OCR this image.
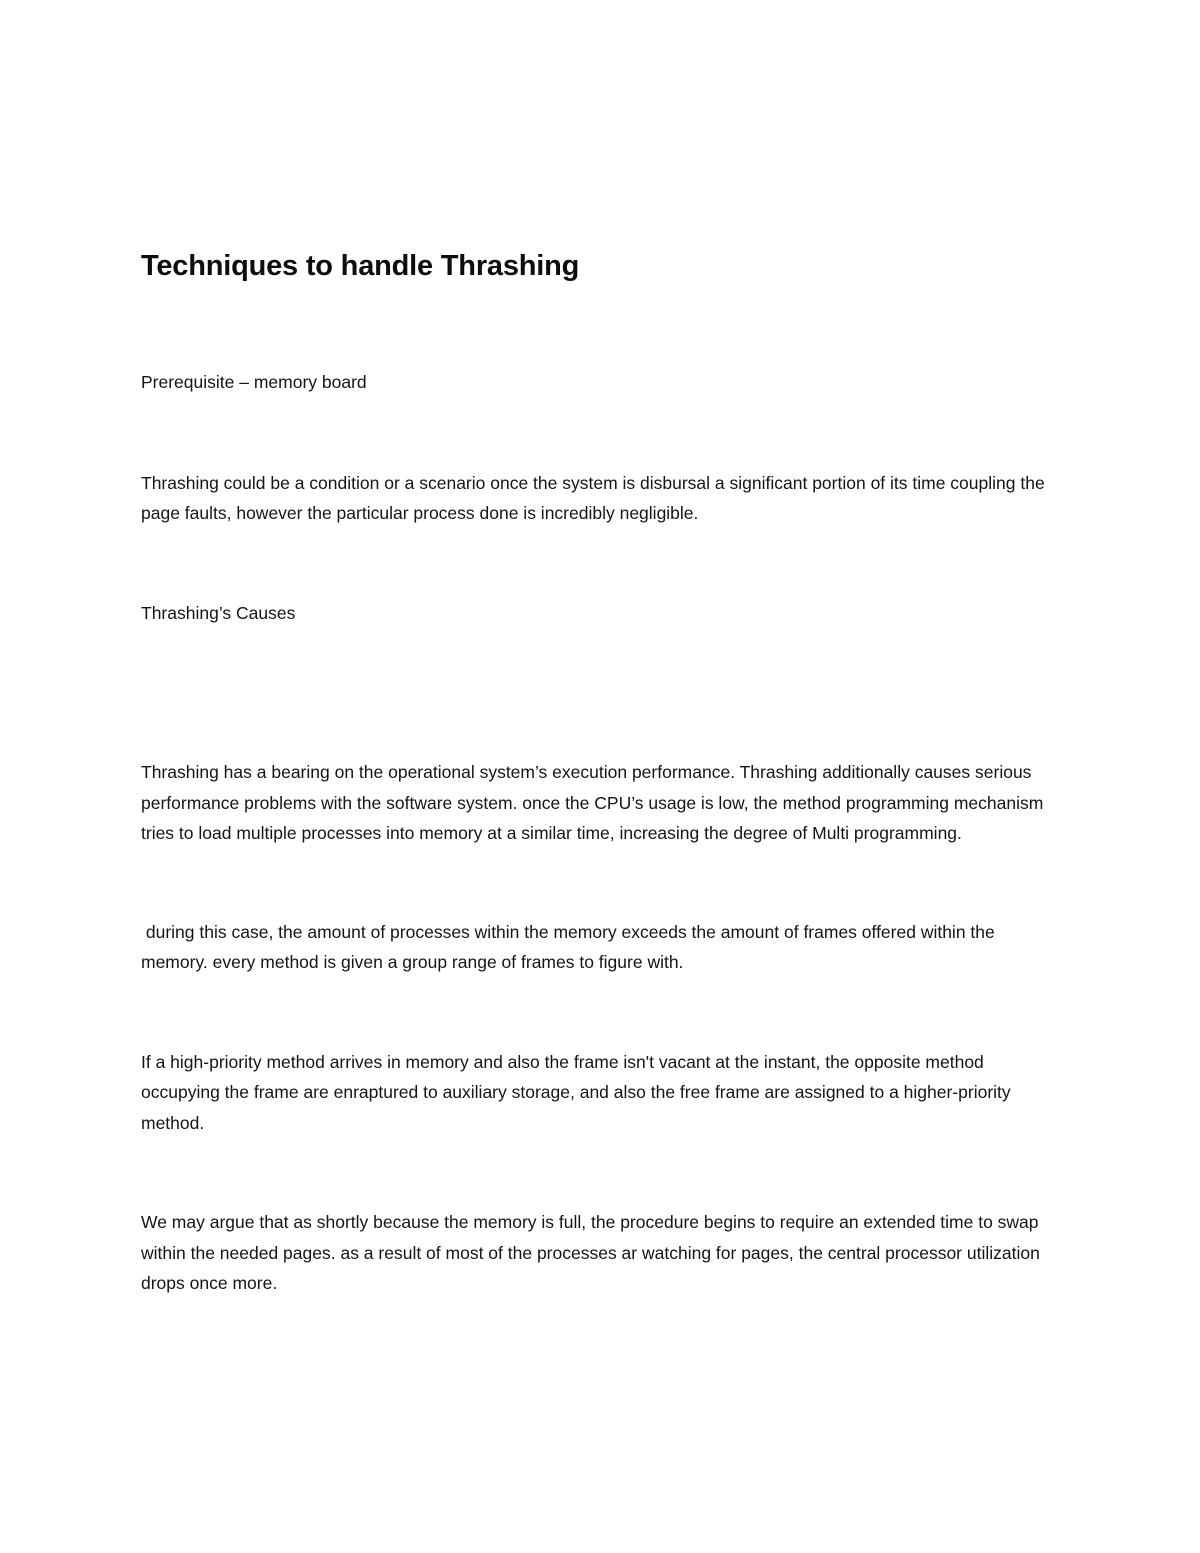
Techniques to handle Thrashing

Prerequisite – memory board

Thrashing could be a condition or a scenario once the system is disbursal a significant portion of its time coupling the page faults, however the particular process done is incredibly negligible.

Thrashing’s Causes

Thrashing has a bearing on the operational system’s execution performance. Thrashing additionally causes serious performance problems with the software system. once the CPU’s usage is low, the method programming mechanism tries to load multiple processes into memory at a similar time, increasing the degree of Multi programming.

during this case, the amount of processes within the memory exceeds the amount of frames offered within the memory. every method is given a group range of frames to figure with.

If a high-priority method arrives in memory and also the frame isn't vacant at the instant, the opposite method occupying the frame are enraptured to auxiliary storage, and also the free frame are assigned to a higher-priority method.

We may argue that as shortly because the memory is full, the procedure begins to require an extended time to swap within the needed pages. as a result of most of the processes ar watching for pages, the central processor utilization drops once more.
